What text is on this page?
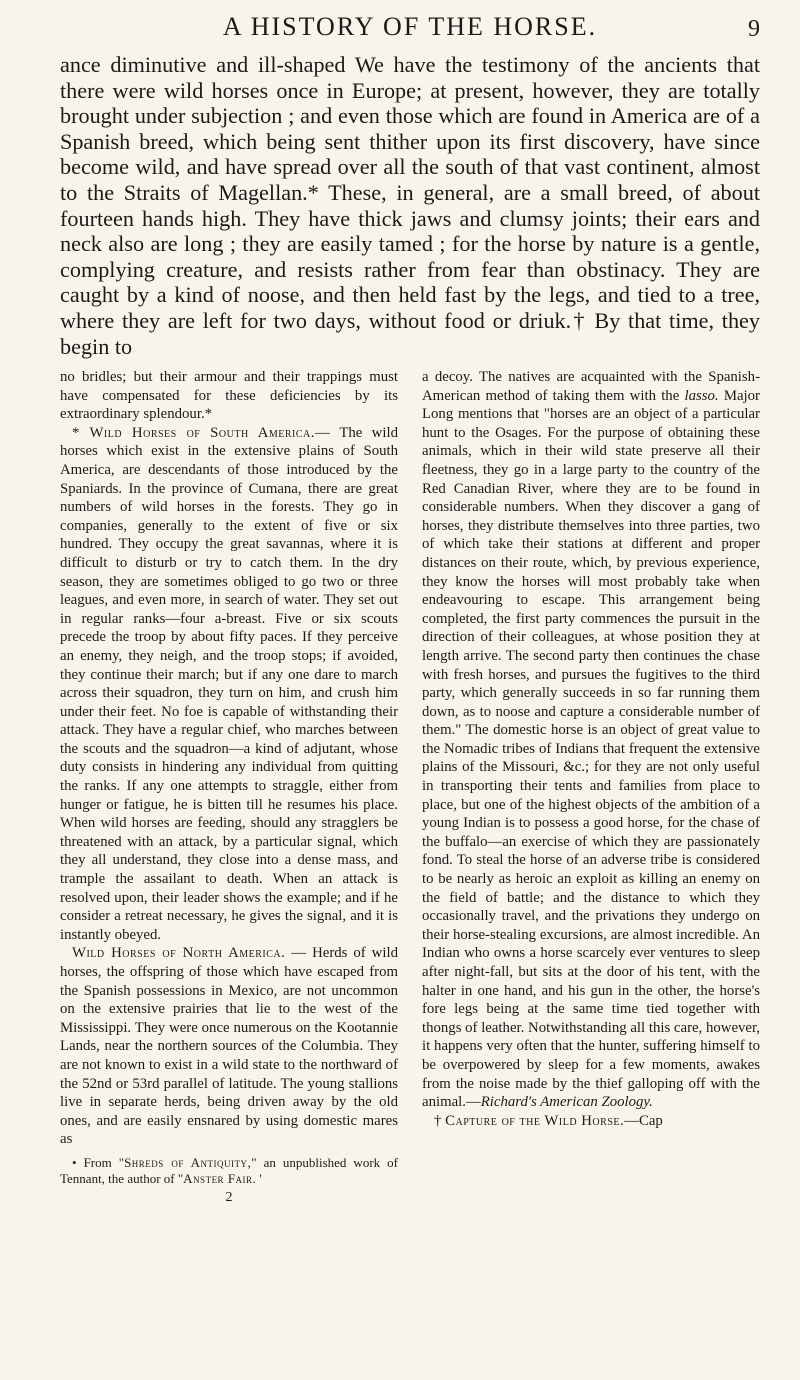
A HISTORY OF THE HORSE.	9

ance diminutive and ill-shaped We have the testimony of the ancients that there were wild horses once in Europe; at present, however, they are totally brought under subjection ; and even those which are found in America are of a Spanish breed, which being sent thither upon its first discovery, have since become wild, and have spread over all the south of that vast continent, almost to the Straits of Magellan.* These, in general, are a small breed, of about fourteen hands high. They have thick jaws and clumsy joints; their ears and neck also are long ; they are easily tamed ; for the horse by nature is a gentle, complying creature, and resists rather from fear than obstinacy. They are caught by a kind of noose, and then held fast by the legs, and tied to a tree, where they are left for two days, without food or driuk.† By that time, they begin to

no bridles; but their armour and their trappings must have compensated for these deficiencies by its extraordinary splendour.*

* Wild Horses of South America.— The wild horses which exist in the extensive plains of South America, are descendants of those introduced by the Spaniards. In the province of Cumana, there are great numbers of wild horses in the forests. They go in companies, generally to the extent of five or six hundred. They occupy the great savannas, where it is difficult to disturb or try to catch them. In the dry season, they are sometimes obliged to go two or three leagues, and even more, in search of water. They set out in regular ranks—four a-breast. Five or six scouts precede the troop by about fifty paces. If they perceive an enemy, they neigh, and the troop stops; if avoided, they continue their march; but if any one dare to march across their squadron, they turn on him, and crush him under their feet. No foe is capable of withstanding their attack. They have a regular chief, who marches between the scouts and the squadron—a kind of adjutant, whose duty consists in hindering any individual from quitting the ranks. If any one attempts to straggle, either from hunger or fatigue, he is bitten till he resumes his place. When wild horses are feeding, should any stragglers be threatened with an attack, by a particular signal, which they all understand, they close into a dense mass, and trample the assailant to death. When an attack is resolved upon, their leader shows the example; and if he consider a retreat necessary, he gives the signal, and it is instantly obeyed.

Wild Horses of North America. — Herds of wild horses, the offspring of those which have escaped from the Spanish possessions in Mexico, are not uncommon on the extensive prairies that lie to the west of the Mississippi. They were once numerous on the Kootannie Lands, near the northern sources of the Columbia. They are not known to exist in a wild state to the northward of the 52nd or 53rd parallel of latitude. The young stallions live in separate herds, being driven away by the old ones, and are easily ensnared by using domestic mares as

• From "Shreds of Antiquity," an unpublished work of Tennant, the author of "Anster Fair. '

2

a decoy. The natives are acquainted with the Spanish-American method of taking them with the lasso. Major Long mentions that "horses are an object of a particular hunt to the Osages. For the purpose of obtaining these animals, which in their wild state preserve all their fleetness, they go in a large party to the country of the Red Canadian River, where they are to be found in considerable numbers. When they discover a gang of horses, they distribute themselves into three parties, two of which take their stations at different and proper distances on their route, which, by previous experience, they know the horses will most probably take when endeavouring to escape. This arrangement being completed, the first party commences the pursuit in the direction of their colleagues, at whose position they at length arrive. The second party then continues the chase with fresh horses, and pursues the fugitives to the third party, which generally succeeds in so far running them down, as to noose and capture a considerable number of them." The domestic horse is an object of great value to the Nomadic tribes of Indians that frequent the extensive plains of the Missouri, &c.; for they are not only useful in transporting their tents and families from place to place, but one of the highest objects of the ambition of a young Indian is to possess a good horse, for the chase of the buffalo—an exercise of which they are passionately fond. To steal the horse of an adverse tribe is considered to be nearly as heroic an exploit as killing an enemy on the field of battle; and the distance to which they occasionally travel, and the privations they undergo on their horse-stealing excursions, are almost incredible. An Indian who owns a horse scarcely ever ventures to sleep after night-fall, but sits at the door of his tent, with the halter in one hand, and his gun in the other, the horse's fore legs being at the same time tied together with thongs of leather. Notwithstanding all this care, however, it happens very often that the hunter, suffering himself to be overpowered by sleep for a few moments, awakes from the noise made by the thief galloping off with the animal.—Richard's American Zoology.

† Capture of the Wild Horse.—Cap
